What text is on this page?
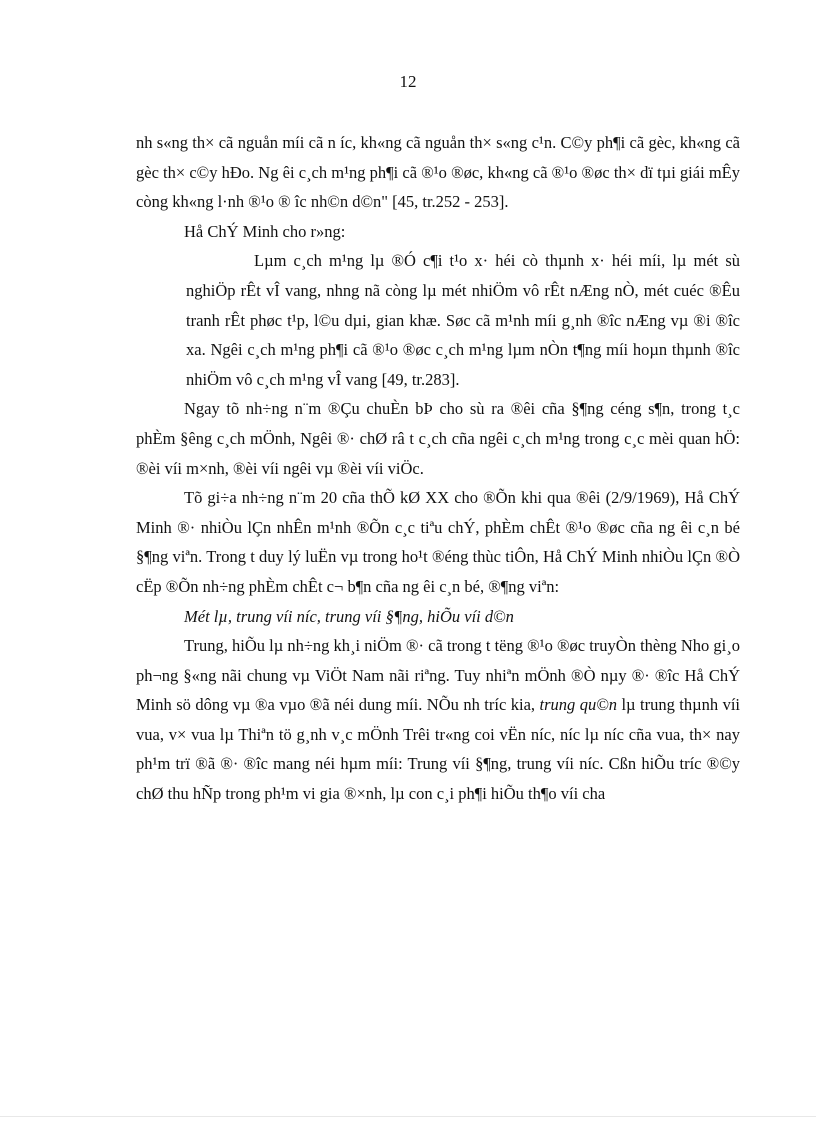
12

nh s«ng th× cã nguån míi cã n íc, kh«ng cã nguån th× s«ng c¹n. C©y ph¶i cã gèc, kh«ng cã gèc th× c©y hÐo. Ng êi c¸ch m¹ng ph¶i cã ®¹o ®øc, kh«ng cã ®¹o ®øc th× dï tµi giái mÊy còng kh«ng l·nh ®¹o ® îc nh©n d©n" [45, tr.252 - 253].

Hå ChÝ Minh cho r»ng:

Lµm c¸ch m¹ng lµ ®Ó c¶i t¹o x· héi cò thµnh x· héi míi, lµ mét sù nghiÖp rÊt vÎ vang, nhng nã còng lµ mét nhiÖm vô rÊt nÆng nÒ, mét cuéc ®Êu tranh rÊt phøc t¹p, l©u dµi, gian khæ. Søc cã m¹nh míi g¸nh ®îc nÆng vµ ®i ®îc xa. Ngêi c¸ch m¹ng ph¶i cã ®¹o ®øc c¸ch m¹ng lµm nÒn t¶ng míi hoµn thµnh ®îc nhiÖm vô c¸ch m¹ng vÎ vang [49, tr.283].

Ngay tõ nh÷ng n¨m ®Çu chuÈn bÞ cho sù ra ®êi cña §¶ng céng s¶n, trong t¸c phÈm §êng c¸ch mÖnh, Ngêi ®· chØ râ t c¸ch cña ngêi c¸ch m¹ng trong c¸c mèi quan hÖ: ®èi víi m×nh, ®èi víi ngêi vµ ®èi víi viÖc.

Tõ gi÷a nh÷ng n¨m 20 cña thÕ kØ XX cho ®Õn khi qua ®êi (2/9/1969), Hå ChÝ Minh ®· nhiÒu lÇn nhÊn m¹nh ®Õn c¸c tiªu chÝ, phÈm chÊt ®¹o ®øc cña ng êi c¸n bé §¶ng viªn. Trong t duy lý luËn vµ trong ho¹t ®éng thùc tiÔn, Hå ChÝ Minh nhiÒu lÇn ®Ò cËp ®Õn nh÷ng phÈm chÊt c¬ b¶n cña ng êi c¸n bé, ®¶ng viªn:

Mét lµ, trung víi níc, trung víi §¶ng, hiÕu víi d©n

Trung, hiÕu lµ nh÷ng kh¸i niÖm ®· cã trong t tëng ®¹o ®øc truyÒn thèng Nho gi¸o ph¬ng §«ng nãi chung vµ ViÖt Nam nãi riªng. Tuy nhiªn mÖnh ®Ò nµy ®· ®îc Hå ChÝ Minh sö dông vµ ®a vµo ®ã néi dung míi. NÕu nh tríc kia, trung qu©n lµ trung thµnh víi vua, v× vua lµ Thiªn tö g¸nh v¸c mÖnh Trêi tr«ng coi vËn níc, níc lµ níc cña vua, th× nay ph¹m trï ®ã ®· ®îc mang néi hµm míi: Trung víi §¶ng, trung víi níc. Cßn hiÕu tríc ®©y chØ thu hÑp trong ph¹m vi gia ®×nh, lµ con c¸i ph¶i hiÕu th¶o víi cha
